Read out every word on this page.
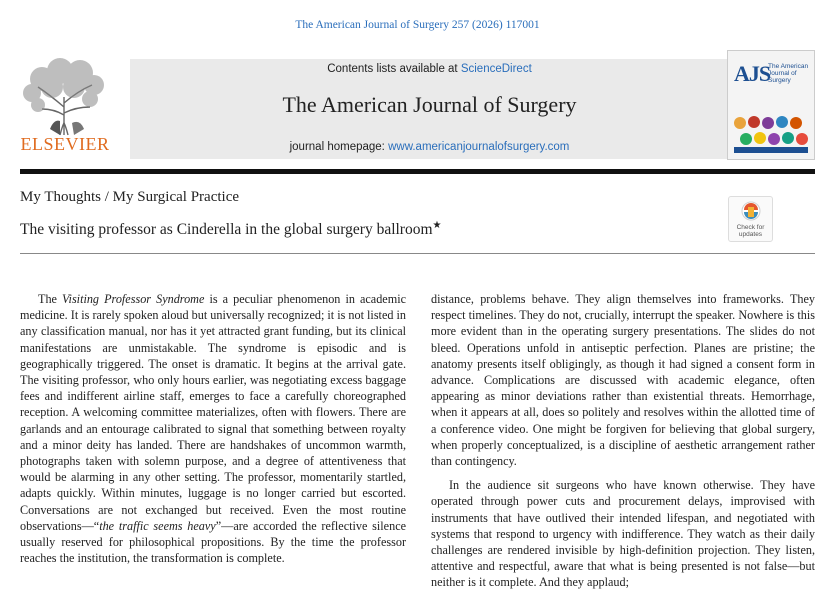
The American Journal of Surgery 257 (2026) 117001
ELSEVIER
Contents lists available at ScienceDirect
The American Journal of Surgery
journal homepage: www.americanjournalofsurgery.com
AJS
The American Journal of Surgery
My Thoughts / My Surgical Practice
The visiting professor as Cinderella in the global surgery ballroom★	Check for updates

The Visiting Professor Syndrome is a peculiar phenomenon in academic medicine. It is rarely spoken aloud but universally recognized; it is not listed in any classification manual, nor has it yet attracted grant funding, but its clinical manifestations are unmistakable. The syndrome is episodic and is geographically triggered. The onset is dramatic. It begins at the arrival gate. The visiting professor, who only hours earlier, was negotiating excess baggage fees and indifferent airline staff, emerges to face a carefully choreographed reception. A welcoming committee materializes, often with flowers. There are garlands and an entourage calibrated to signal that something between royalty and a minor deity has landed. There are handshakes of uncommon warmth, photographs taken with solemn purpose, and a degree of attentiveness that would be alarming in any other setting. The professor, momentarily startled, adapts quickly. Within minutes, luggage is no longer carried but escorted. Conversations are not exchanged but received. Even the most routine observations—“the traffic seems heavy”—are accorded the reflective silence usually reserved for philosophical propositions. By the time the professor reaches the institution, the transformation is complete.

distance, problems behave. They align themselves into frameworks. They respect timelines. They do not, crucially, interrupt the speaker. Nowhere is this more evident than in the operating surgery presentations. The slides do not bleed. Operations unfold in antiseptic perfection. Planes are pristine; the anatomy presents itself obligingly, as though it had signed a consent form in advance. Complications are discussed with academic elegance, often appearing as minor deviations rather than existential threats. Hemorrhage, when it appears at all, does so politely and resolves within the allotted time of a conference video. One might be forgiven for believing that global surgery, when properly conceptualized, is a discipline of aesthetic arrangement rather than contingency.

In the audience sit surgeons who have known otherwise. They have operated through power cuts and procurement delays, improvised with instruments that have outlived their intended lifespan, and negotiated with systems that respond to urgency with indifference. They watch as their daily challenges are rendered invisible by high-definition projection. They listen, attentive and respectful, aware that what is being presented is not false—but neither is it complete. And they applaud;
